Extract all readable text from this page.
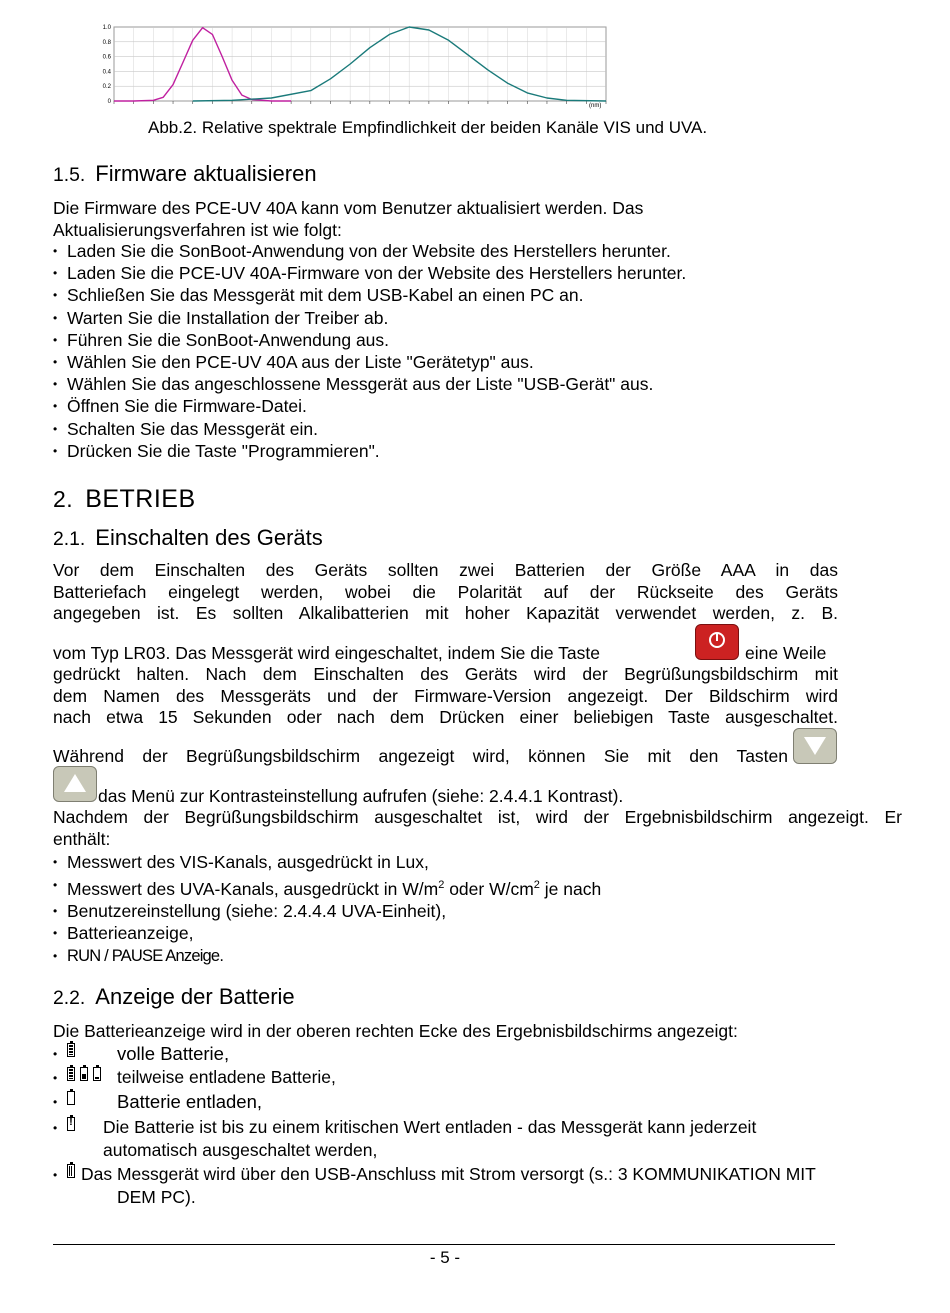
0
0.2
0.4
0.6
0.8
1.0
(nm)
Abb.2. Relative spektrale Empfindlichkeit der beiden Kanäle VIS und UVA.
1.5. Firmware aktualisieren

Die Firmware des PCE-UV 40A kann vom Benutzer aktualisiert werden. Das
Aktualisierungsverfahren ist wie folgt:

• Laden Sie die SonBoot-Anwendung von der Website des Herstellers herunter.
• Laden Sie die PCE-UV 40A-Firmware von der Website des Herstellers herunter.
• Schließen Sie das Messgerät mit dem USB-Kabel an einen PC an.
• Warten Sie die Installation der Treiber ab.
• Führen Sie die SonBoot-Anwendung aus.
• Wählen Sie den PCE-UV 40A aus der Liste "Gerätetyp" aus.
• Wählen Sie das angeschlossene Messgerät aus der Liste "USB-Gerät" aus.
• Öffnen Sie die Firmware-Datei.
• Schalten Sie das Messgerät ein.
• Drücken Sie die Taste "Programmieren".
2. BETRIEB
2.1. Einschalten des Geräts
Vor dem Einschalten des Geräts sollten zwei Batterien der Größe AAA in das
Batteriefach eingelegt werden, wobei die Polarität auf der Rückseite des Geräts
angegeben ist. Es sollten Alkalibatterien mit hoher Kapazität verwendet werden, z. B.
vom Typ LR03. Das Messgerät wird eingeschaltet, indem Sie die Taste	eine Weile
gedrückt halten. Nach dem Einschalten des Geräts wird der Begrüßungsbildschirm mit
dem Namen des Messgeräts und der Firmware-Version angezeigt. Der Bildschirm wird
nach etwa 15 Sekunden oder nach dem Drücken einer beliebigen Taste ausgeschaltet.
Während der Begrüßungsbildschirm angezeigt wird, können Sie mit den Tasten
das Menü zur Kontrasteinstellung aufrufen (siehe: 2.4.4.1 Kontrast).
Nachdem der Begrüßungsbildschirm ausgeschaltet ist, wird der Ergebnisbildschirm angezeigt. Er
enthält:
• Messwert des VIS-Kanals, ausgedrückt in Lux,
• Messwert des UVA-Kanals, ausgedrückt in $W/m^2$ oder $W/cm^2$ je nach
• Benutzereinstellung (siehe: 2.4.4.4 UVA-Einheit),
• Batterieanzeige,
• RUN / PAUSE Anzeige.
2.2. Anzeige der Batterie
Die Batterieanzeige wird in der oberen rechten Ecke des Ergebnisbildschirms angezeigt:
•	volle Batterie,
•	teilweise entladene Batterie,
•	Batterie entladen,
•
!	Die Batterie ist bis zu einem kritischen Wert entladen - das Messgerät kann jederzeit
automatisch ausgeschaltet werden,
• Das Messgerät wird über den USB-Anschluss mit Strom versorgt (s.: 3 KOMMUNIKATION MIT
DEM PC).
- 5 -
